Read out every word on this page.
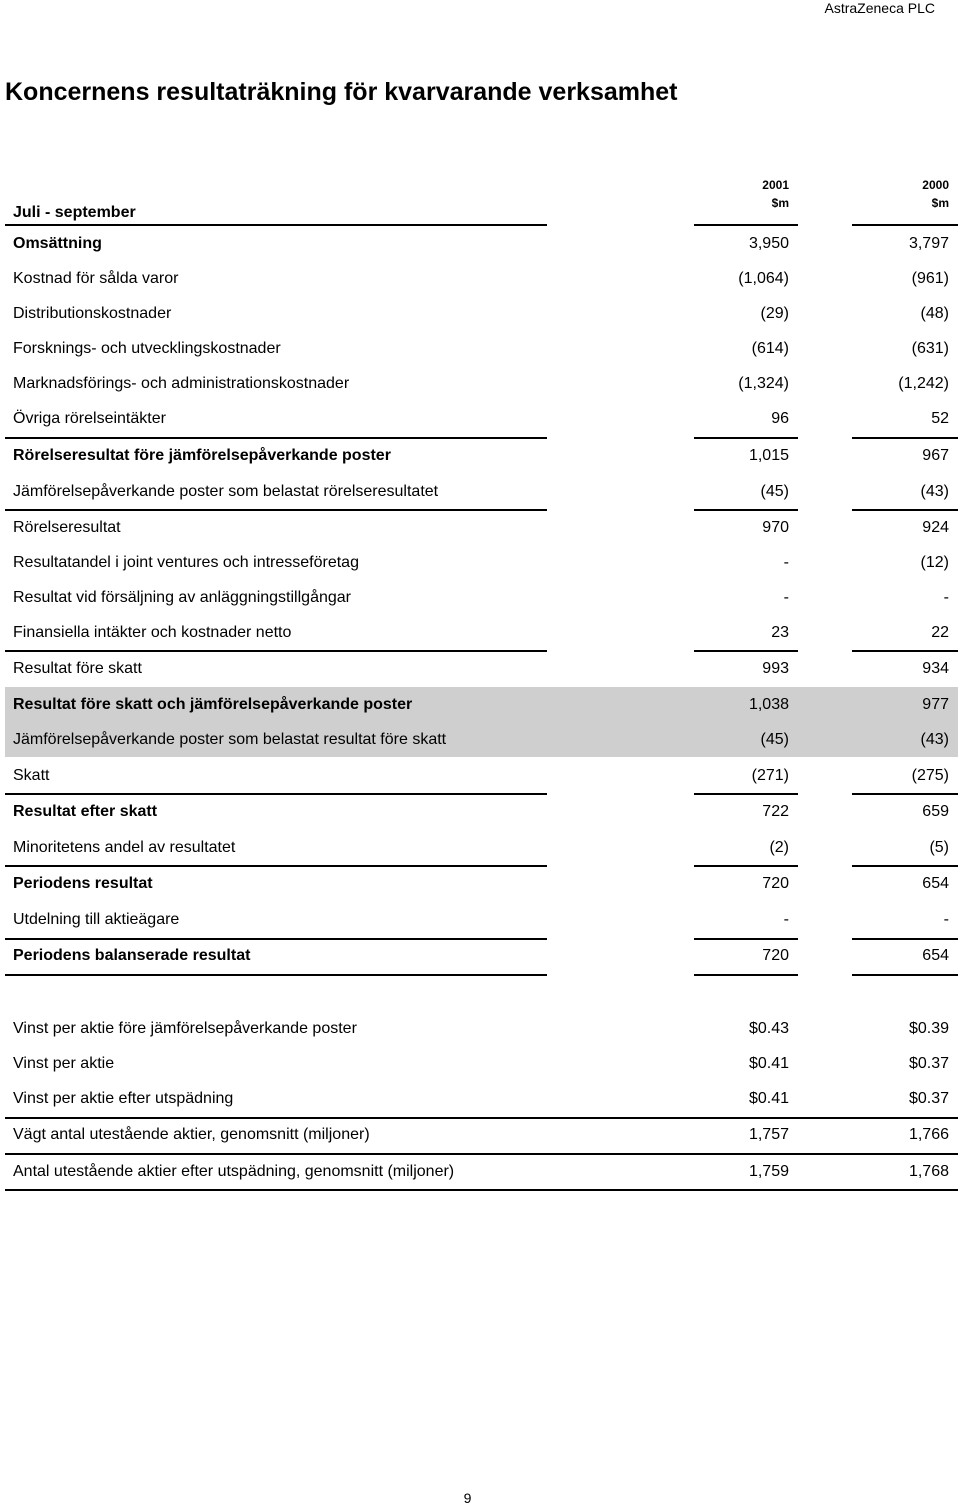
AstraZeneca PLC
Koncernens resultaträkning för kvarvarande verksamhet
2001	2000
$m	$m
Juli - september
Omsättning	3,950	3,797
Kostnad för sålda varor	(1,064)	(961)
Distributionskostnader	(29)	(48)
Forsknings- och utvecklingskostnader	(614)	(631)
Marknadsförings- och administrationskostnader	(1,324)	(1,242)
Övriga rörelseintäkter	96	52
Rörelseresultat före jämförelsepåverkande poster	1,015	967
Jämförelsepåverkande poster som belastat rörelseresultatet	(45)	(43)
Rörelseresultat	970	924
Resultatandel i joint ventures och intresseföretag	-	(12)
Resultat vid försäljning av anläggningstillgångar	-	-
Finansiella intäkter och kostnader netto	23	22
Resultat före skatt	993	934
Resultat före skatt och jämförelsepåverkande poster	1,038	977
Jämförelsepåverkande poster som belastat resultat före skatt	(45)	(43)
Skatt	(271)	(275)
Resultat efter skatt	722	659
Minoritetens andel av resultatet	(2)	(5)
Periodens resultat	720	654
Utdelning till aktieägare	-	-
Periodens balanserade resultat	720	654
Vinst per aktie före jämförelsepåverkande poster	$0.43	$0.39
Vinst per aktie	$0.41	$0.37
Vinst per aktie efter utspädning	$0.41	$0.37
Vägt antal utestående aktier, genomsnitt (miljoner)	1,757	1,766
Antal utestående aktier efter utspädning, genomsnitt (miljoner)	1,759	1,768
9
